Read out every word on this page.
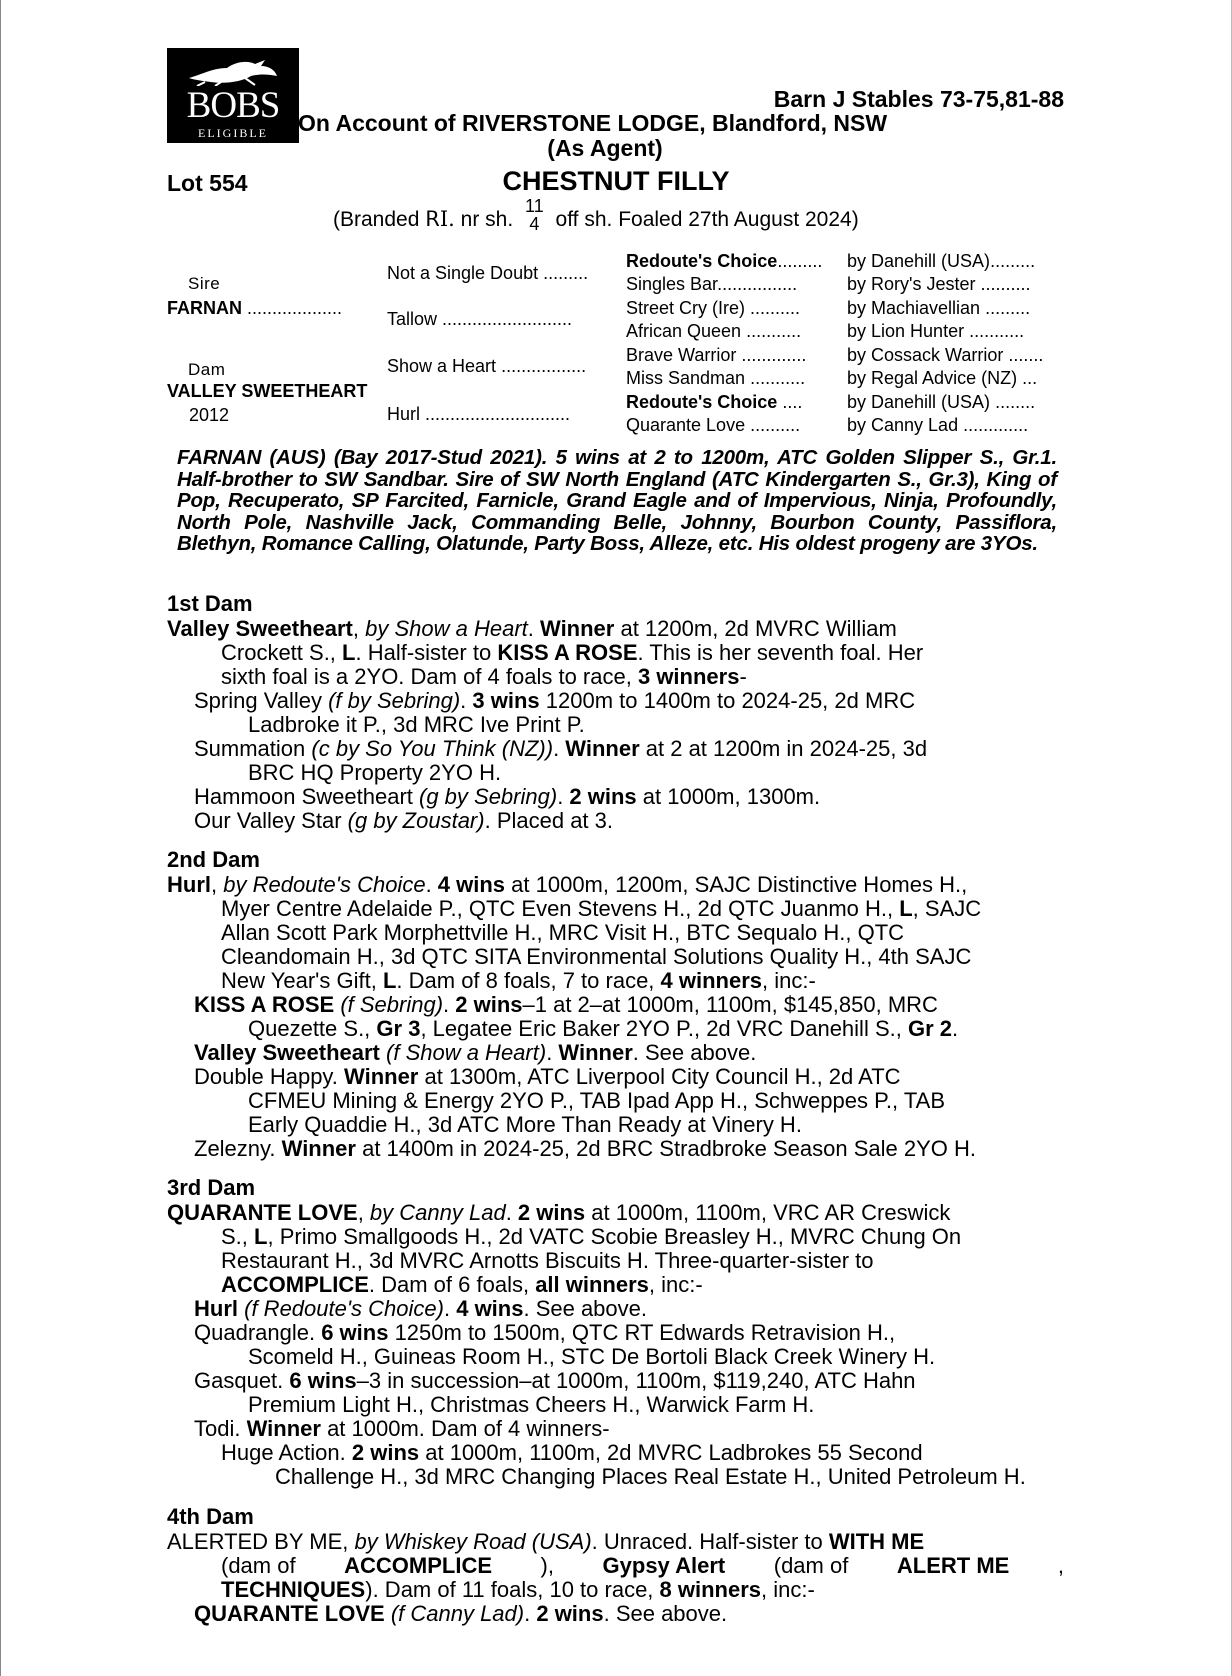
BOBS
ELIGIBLE
Barn J Stables 73-75,81-88
On Account of RIVERSTONE LODGE, Blandford, NSW
(As Agent)
Lot 554	CHESTNUT FILLY
(Branded ꓣI. nr sh.
11
4 off sh. Foaled 27th August 2024)
Sire
FARNAN ...................
Dam
VALLEY SWEETHEART
2012
Not a Single Doubt .........
Tallow ..........................
Show a Heart .................
Hurl .............................
Redoute's Choice.........
Singles Bar................
Street Cry (Ire) ..........
African Queen ...........
Brave Warrior .............
Miss Sandman ...........
Redoute's Choice ....
Quarante Love ..........
by Danehill (USA).........
by Rory's Jester ..........
by Machiavellian .........
by Lion Hunter ...........
by Cossack Warrior .......
by Regal Advice (NZ) ...
by Danehill (USA) ........
by Canny Lad .............
FARNAN (AUS) (Bay 2017-Stud 2021). 5 wins at 2 to 1200m, ATC Golden Slipper S., Gr.1. Half-brother to SW Sandbar. Sire of SW North England (ATC Kindergarten S., Gr.3), King of Pop, Recuperato, SP Farcited, Farnicle, Grand Eagle and of Impervious, Ninja, Profoundly, North Pole, Nashville Jack, Commanding Belle, Johnny, Bourbon County, Passiflora, Blethyn, Romance Calling, Olatunde, Party Boss, Alleze, etc. His oldest progeny are 3YOs.
1st Dam
Valley Sweetheart, by Show a Heart. Winner at 1200m, 2d MVRC William
Crockett S., L. Half-sister to KISS A ROSE. This is her seventh foal. Her
sixth foal is a 2YO. Dam of 4 foals to race, 3 winners-
Spring Valley (f by Sebring). 3 wins 1200m to 1400m to 2024-25, 2d MRC
Ladbroke it P., 3d MRC Ive Print P.
Summation (c by So You Think (NZ)). Winner at 2 at 1200m in 2024-25, 3d
BRC HQ Property 2YO H.
Hammoon Sweetheart (g by Sebring). 2 wins at 1000m, 1300m.
Our Valley Star (g by Zoustar). Placed at 3.
2nd Dam
Hurl, by Redoute's Choice. 4 wins at 1000m, 1200m, SAJC Distinctive Homes H.,
Myer Centre Adelaide P., QTC Even Stevens H., 2d QTC Juanmo H., L, SAJC
Allan Scott Park Morphettville H., MRC Visit H., BTC Sequalo H., QTC
Cleandomain H., 3d QTC SITA Environmental Solutions Quality H., 4th SAJC
New Year's Gift, L. Dam of 8 foals, 7 to race, 4 winners, inc:-
KISS A ROSE (f Sebring). 2 wins–1 at 2–at 1000m, 1100m, $145,850, MRC
Quezette S., Gr 3, Legatee Eric Baker 2YO P., 2d VRC Danehill S., Gr 2.
Valley Sweetheart (f Show a Heart). Winner. See above.
Double Happy. Winner at 1300m, ATC Liverpool City Council H., 2d ATC
CFMEU Mining & Energy 2YO P., TAB Ipad App H., Schweppes P., TAB
Early Quaddie H., 3d ATC More Than Ready at Vinery H.
Zelezny. Winner at 1400m in 2024-25, 2d BRC Stradbroke Season Sale 2YO H.
3rd Dam
QUARANTE LOVE, by Canny Lad. 2 wins at 1000m, 1100m, VRC AR Creswick
S., L, Primo Smallgoods H., 2d VATC Scobie Breasley H., MVRC Chung On
Restaurant H., 3d MVRC Arnotts Biscuits H. Three-quarter-sister to
ACCOMPLICE. Dam of 6 foals, all winners, inc:-
Hurl (f Redoute's Choice). 4 wins. See above.
Quadrangle. 6 wins 1250m to 1500m, QTC RT Edwards Retravision H.,
Scomeld H., Guineas Room H., STC De Bortoli Black Creek Winery H.
Gasquet. 6 wins–3 in succession–at 1000m, 1100m, $119,240, ATC Hahn
Premium Light H., Christmas Cheers H., Warwick Farm H.
Todi. Winner at 1000m. Dam of 4 winners-
Huge Action. 2 wins at 1000m, 1100m, 2d MVRC Ladbrokes 55 Second
Challenge H., 3d MRC Changing Places Real Estate H., United Petroleum H.
4th Dam
ALERTED BY ME, by Whiskey Road (USA). Unraced. Half-sister to WITH ME
(dam of ACCOMPLICE ), Gypsy Alert (dam of ALERT ME ,
TECHNIQUES). Dam of 11 foals, 10 to race, 8 winners, inc:-
QUARANTE LOVE (f Canny Lad). 2 wins. See above.
